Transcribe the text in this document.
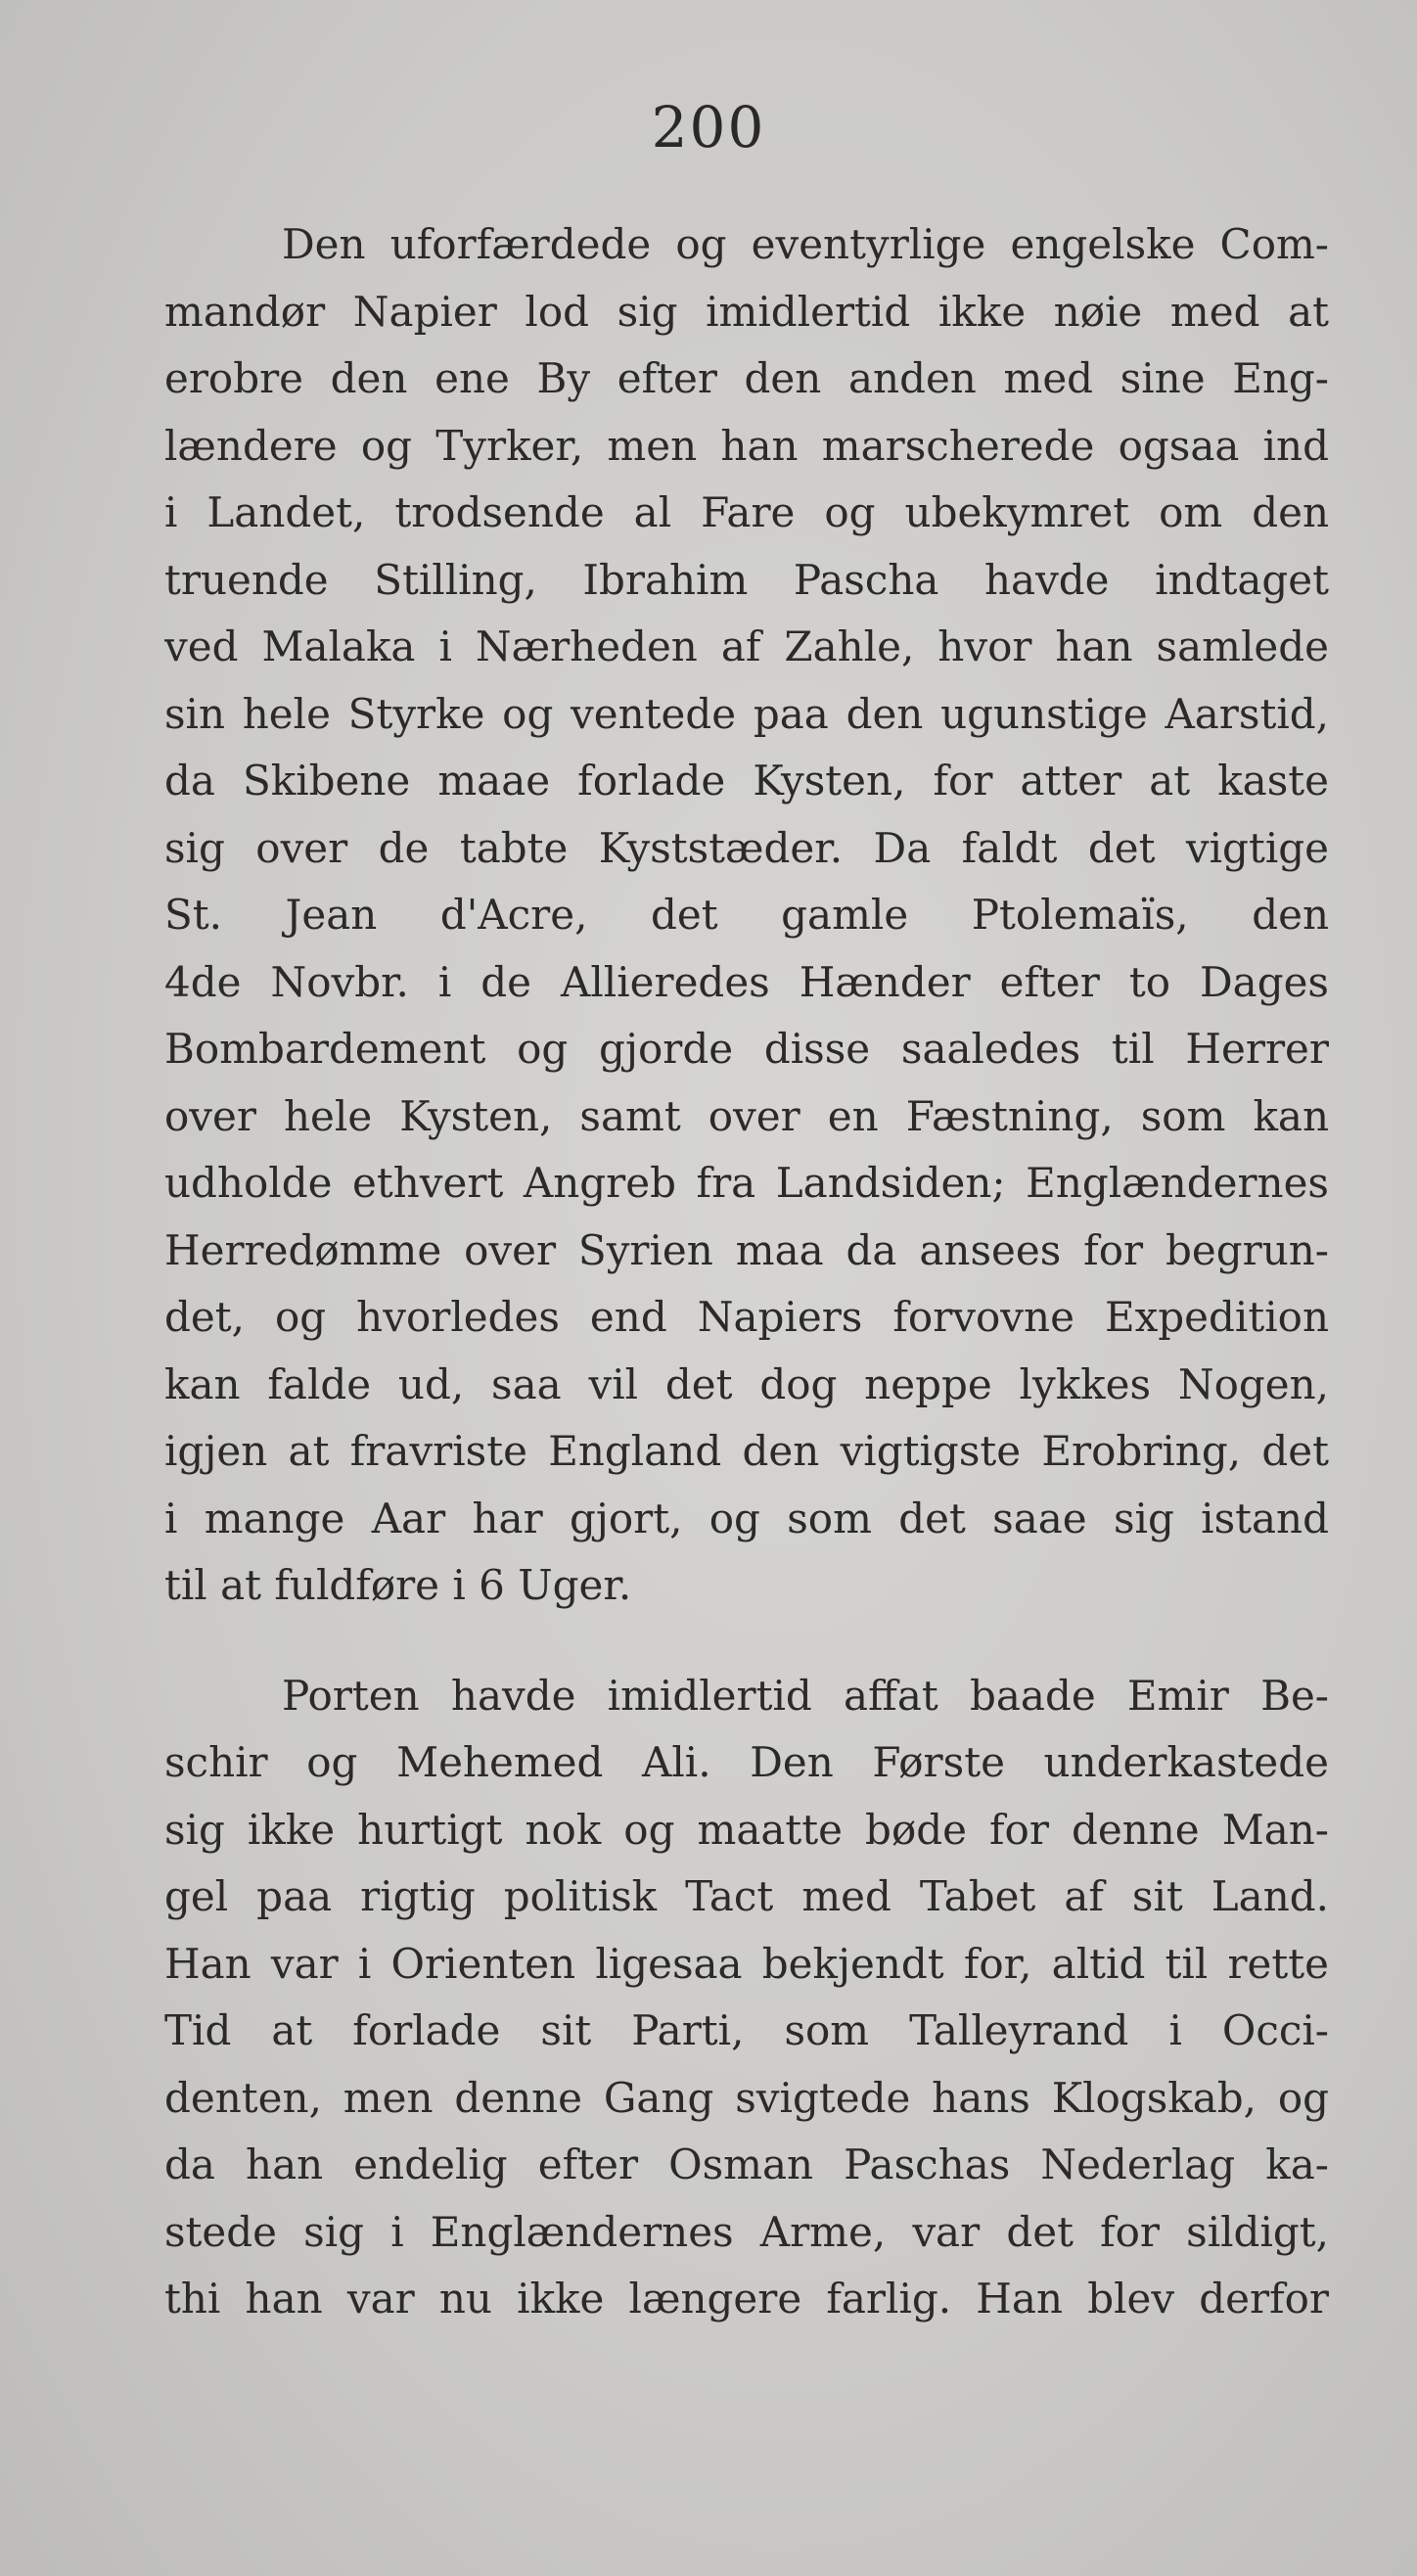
200
Den uforfærdede og eventyrlige engelske Com-
mandør Napier lod sig imidlertid ikke nøie med at
erobre den ene By efter den anden med sine Eng-
lændere og Tyrker, men han marscherede ogsaa ind
i Landet, trodsende al Fare og ubekymret om den
truende Stilling, Ibrahim Pascha havde indtaget
ved Malaka i Nærheden af Zahle, hvor han samlede
sin hele Styrke og ventede paa den ugunstige Aarstid,
da Skibene maae forlade Kysten, for atter at kaste
sig over de tabte Kyststæder. Da faldt det vigtige
St. Jean d'Acre, det gamle Ptolemaïs, den
4de Novbr. i de Allieredes Hænder efter to Dages
Bombardement og gjorde disse saaledes til Herrer
over hele Kysten, samt over en Fæstning, som kan
udholde ethvert Angreb fra Landsiden; Englændernes
Herredømme over Syrien maa da ansees for begrun-
det, og hvorledes end Napiers forvovne Expedition
kan falde ud, saa vil det dog neppe lykkes Nogen,
igjen at fravriste England den vigtigste Erobring, det
i mange Aar har gjort, og som det saae sig istand
til at fuldføre i 6 Uger.
Porten havde imidlertid affat baade Emir Be-
schir og Mehemed Ali. Den Første underkastede
sig ikke hurtigt nok og maatte bøde for denne Man-
gel paa rigtig politisk Tact med Tabet af sit Land.
Han var i Orienten ligesaa bekjendt for, altid til rette
Tid at forlade sit Parti, som Talleyrand i Occi-
denten, men denne Gang svigtede hans Klogskab, og
da han endelig efter Osman Paschas Nederlag ka-
stede sig i Englændernes Arme, var det for sildigt,
thi han var nu ikke længere farlig. Han blev derfor
